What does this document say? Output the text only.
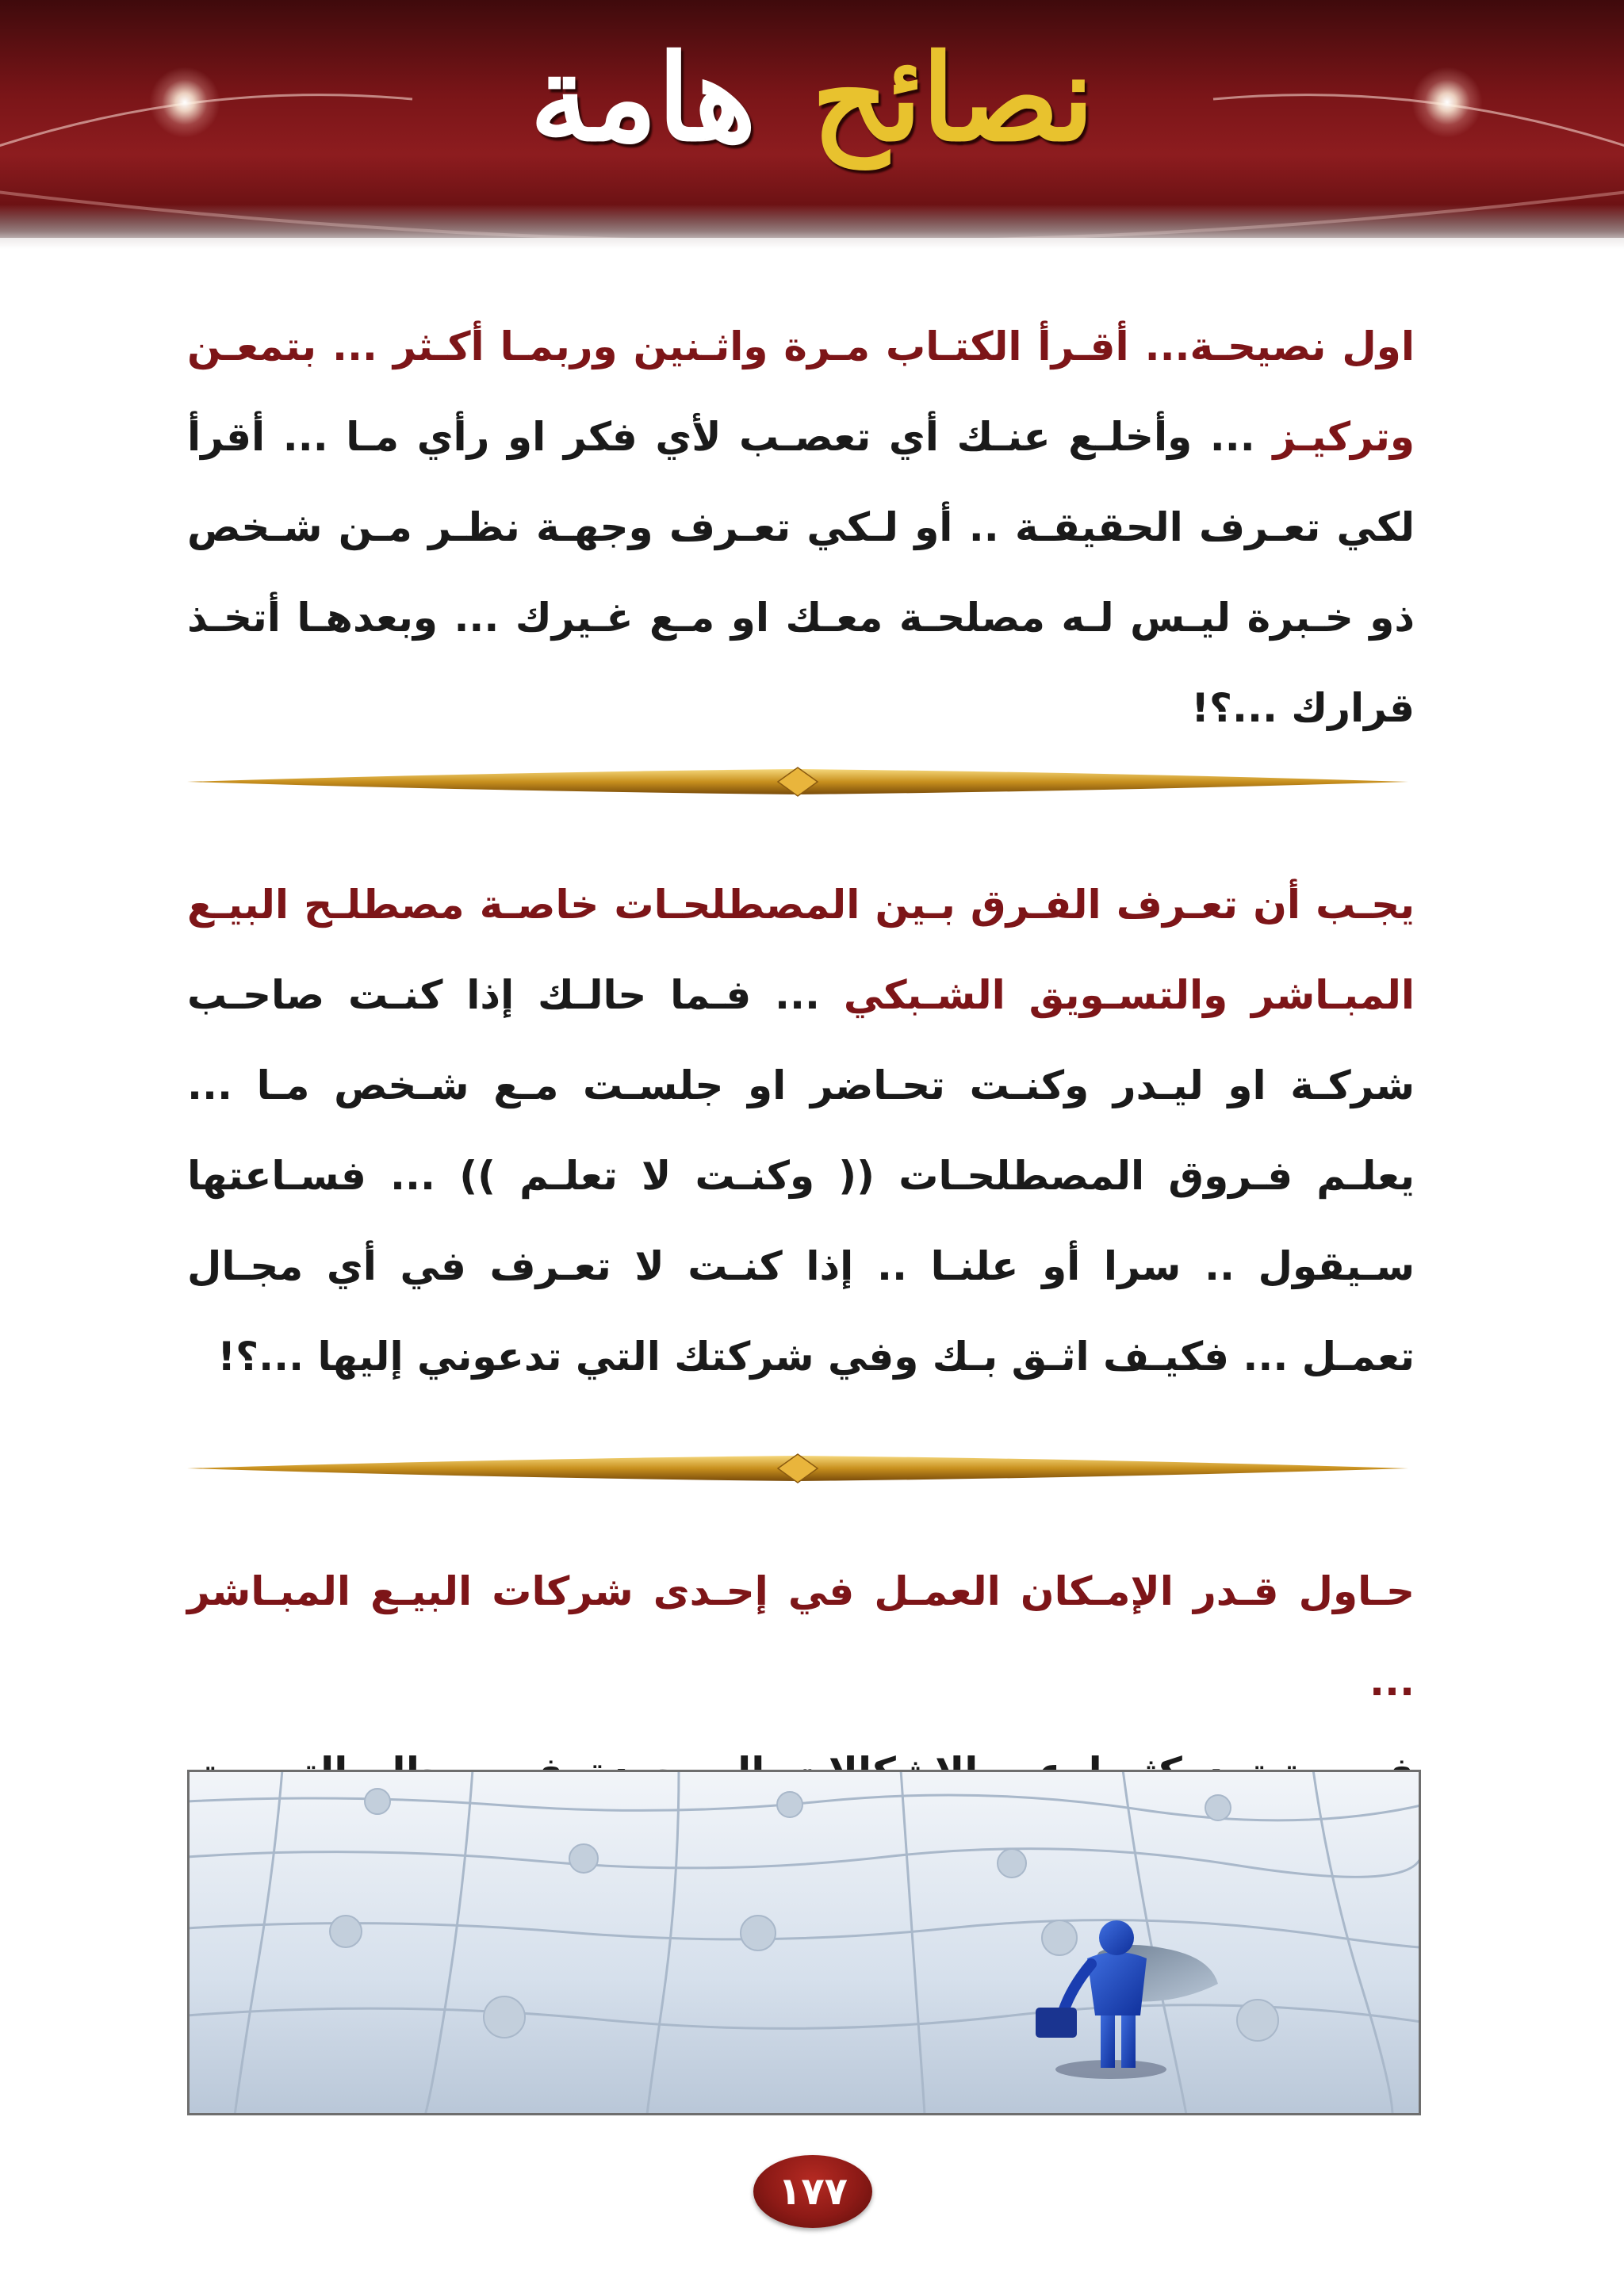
نصائح
هامة
اول نصيحـة... أقـرأ الكتـاب مـرة واثـنين وربمـا أكـثر ... بتمعـن وتركيـز ... وأخلـع عنـك أي تعصـب لأي فكر او رأي مـا ... أقرأ لكي تعـرف الحقيقـة .. أو لـكي تعـرف وجهـة نظـر مـن شـخص ذو خـبرة ليـس لـه مصلحـة معـك او مـع غـيرك ... وبعدهـا أتخـذ قرارك ...؟!
يجـب أن تعـرف الفـرق بـين المصطلحـات خاصـة مصطلـح البيـع المبـاشر والتسـويق الشـبكي ... فـما حالـك إذا كنـت صاحـب شركـة او ليـدر وكنـت تحـاضر او جلسـت مـع شـخص مـا ... يعلـم فـروق المصطلحـات (( وكنـت لا تعلـم )) ... فسـاعتها سـيقول .. سرا أو علنـا .. إذا كنـت لا تعـرف في أي مجـال تعمـل ... فكيـف اثـق بـك وفي شركتك التي تدعوني إليها ...؟!
حـاول قـدر الإمـكان العمـل في إحـدى شركات البيـع المبـاشر ...

١٧٧
